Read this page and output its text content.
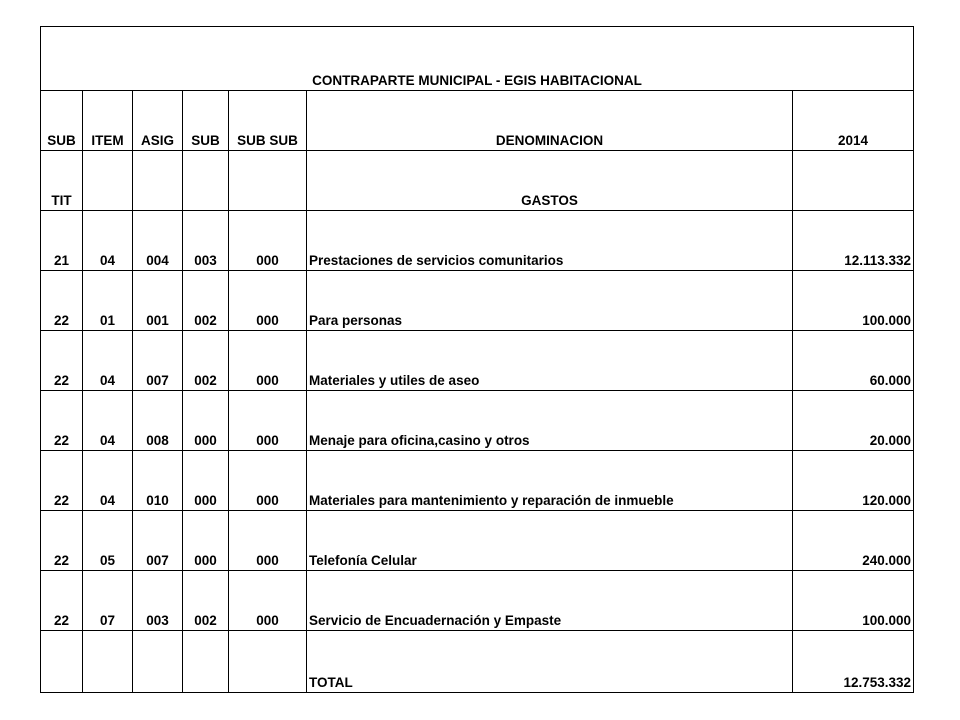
CONTRAPARTE MUNICIPAL - EGIS HABITACIONAL						
SUB	ITEM	ASIG	SUB	SUB SUB	DENOMINACION	2014
TIT					GASTOS	
21	04	004	003	000	Prestaciones de servicios comunitarios	12.113.332
22	01	001	002	000	Para personas	100.000
22	04	007	002	000	Materiales y utiles de aseo	60.000
22	04	008	000	000	Menaje para oficina,casino y otros	20.000
22	04	010	000	000	Materiales para mantenimiento y reparación de inmueble	120.000
22	05	007	000	000	Telefonía Celular	240.000
22	07	003	002	000	Servicio de Encuadernación y Empaste	100.000
					TOTAL	12.753.332
